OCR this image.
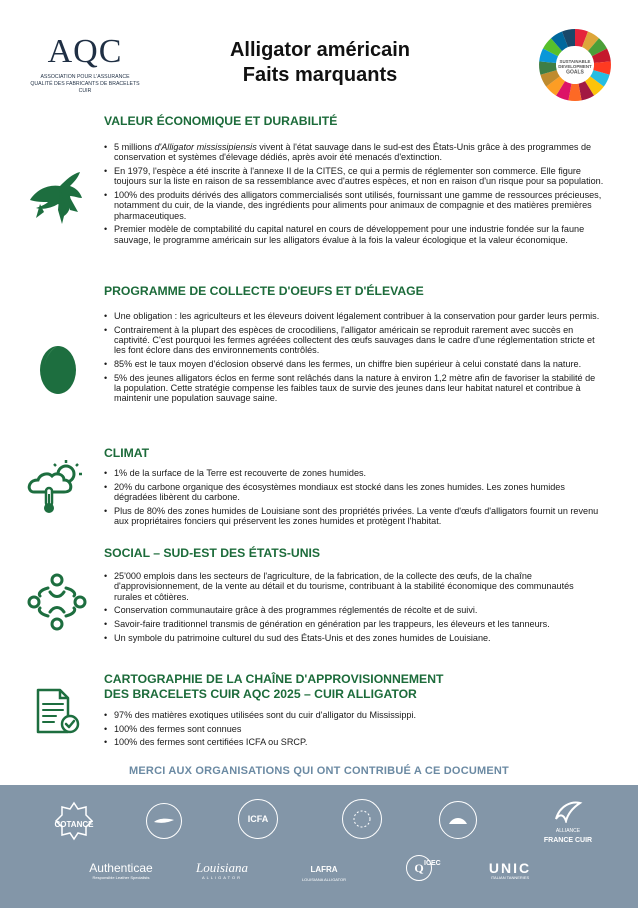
AQC
ASSOCIATION POUR L'ASSURANCE QUALITÉ DES FABRICANTS DE BRACELETS CUIR
Alligator américain
Faits marquants
SUSTAINABLE
DEVELOPMENT
GOALS
VALEUR ÉCONOMIQUE ET DURABILITÉ
• 5 millions d'Alligator mississipiensis vivent à l'état sauvage dans le sud-est des États-Unis grâce à des programmes de conservation et systèmes d'élevage dédiés, après avoir été menacés d'extinction.
• En 1979, l'espèce a été inscrite à l'annexe II de la CITES, ce qui a permis de réglementer son commerce. Elle figure toujours sur la liste en raison de sa ressemblance avec d'autres espèces, et non en raison d'un risque pour sa population.
• 100% des produits dérivés des alligators commercialisés sont utilisés, fournissant une gamme de ressources précieuses, notamment du cuir, de la viande, des ingrédients pour aliments pour animaux de compagnie et des matières premières pharmaceutiques.
• Premier modèle de comptabilité du capital naturel en cours de développement pour une industrie fondée sur la faune sauvage, le programme américain sur les alligators évalue à la fois la valeur écologique et la valeur économique.
PROGRAMME DE COLLECTE D'OEUFS ET D'ÉLEVAGE
• Une obligation : les agriculteurs et les éleveurs doivent légalement contribuer à la conservation pour garder leurs permis.
• Contrairement à la plupart des espèces de crocodiliens, l'alligator américain se reproduit rarement avec succès en captivité. C'est pourquoi les fermes agréées collectent des œufs sauvages dans le cadre d'une réglementation stricte et les font éclore dans des environnements contrôlés.
• 85% est le taux moyen d'éclosion observé dans les fermes, un chiffre bien supérieur à celui constaté dans la nature.
• 5% des jeunes alligators éclos en ferme sont relâchés dans la nature à environ 1,2 mètre afin de favoriser la stabilité de la population. Cette stratégie compense les faibles taux de survie des jeunes dans leur habitat naturel et contribue à maintenir une population sauvage saine.
CLIMAT
• 1% de la surface de la Terre est recouverte de zones humides.
• 20% du carbone organique des écosystèmes mondiaux est stocké dans les zones humides. Les zones humides dégradées libèrent du carbone.
• Plus de 80% des zones humides de Louisiane sont des propriétés privées. La vente d'œufs d'alligators fournit un revenu aux propriétaires fonciers qui préservent les zones humides et protègent l'habitat.
SOCIAL – SUD-EST DES ÉTATS-UNIS
• 25'000 emplois dans les secteurs de l'agriculture, de la fabrication, de la collecte des œufs, de la chaîne d'approvisionnement, de la vente au détail et du tourisme, contribuant à la stabilité économique des communautés rurales et côtières.
• Conservation communautaire grâce à des programmes réglementés de récolte et de suivi.
• Savoir-faire traditionnel transmis de génération en génération par les trappeurs, les éleveurs et les tanneurs.
• Un symbole du patrimoine culturel du sud des États-Unis et des zones humides de Louisiane.
CARTOGRAPHIE DE LA CHAÎNE D'APPROVISIONNEMENT
DES BRACELETS CUIR AQC 2025 – CUIR ALLIGATOR
• 97% des matières exotiques utilisées sont du cuir d'alligator du Mississippi.
• 100% des fermes sont connues
• 100% des fermes sont certifiées ICFA ou SRCP.
MERCI AUX ORGANISATIONS QUI ONT CONTRIBUÉ A CE DOCUMENT
COTANCE
ICFA
ALLIANCE
FRANCE CUIR
Authenticae
Responsible Leather Specialists
Louisiana
ALLIGATOR
LAFRA
LOUISIANA ALLIGATOR
Q ICEC	UNIC
ITALIAN TANNERIES
